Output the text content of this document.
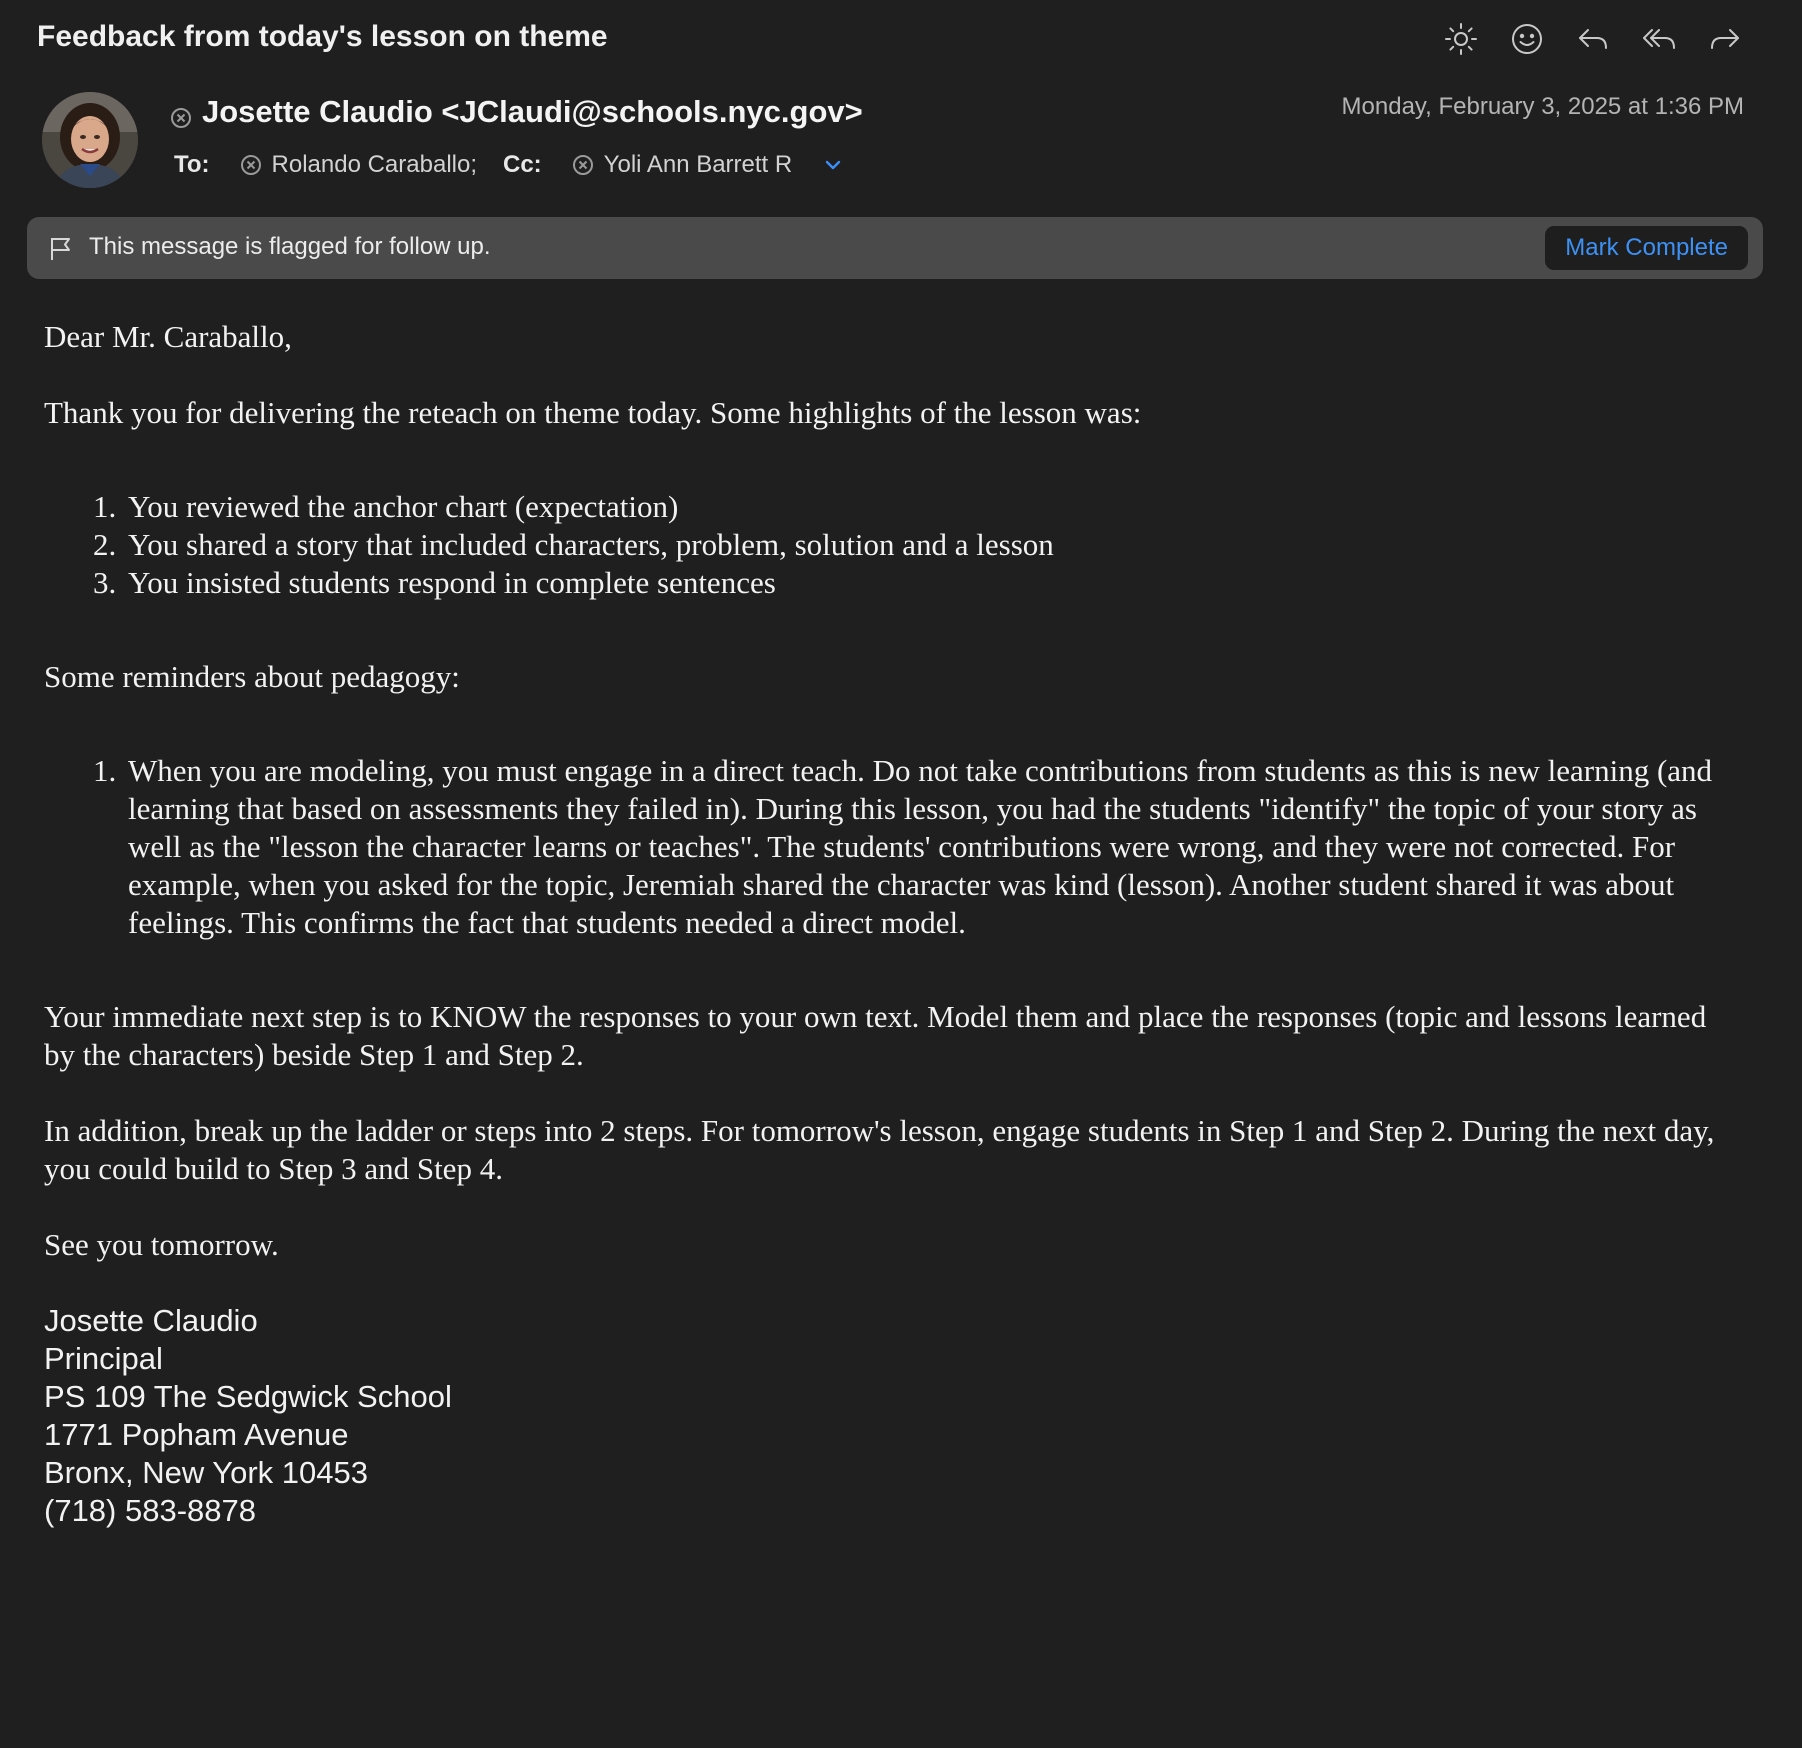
Feedback from today's lesson on theme
Josette Claudio <JClaudi@schools.nyc.gov>	Monday, February 3, 2025 at 1:36 PM
To:	Rolando Caraballo; Cc:	Yoli Ann Barrett R
This message is flagged for follow up.	Mark Complete

Dear Mr. Caraballo,

Thank you for delivering the reteach on theme today. Some highlights of the lesson was:

1. You reviewed the anchor chart (expectation)
2. You shared a story that included characters, problem, solution and a lesson
3. You insisted students respond in complete sentences

Some reminders about pedagogy:

1. When you are modeling, you must engage in a direct teach. Do not take contributions from students as this is new learning (and learning that based on assessments they failed in). During this lesson, you had the students "identify" the topic of your story as well as the "lesson the character learns or teaches". The students' contributions were wrong, and they were not corrected. For example, when you asked for the topic, Jeremiah shared the character was kind (lesson). Another student shared it was about feelings. This confirms the fact that students needed a direct model.

Your immediate next step is to KNOW the responses to your own text. Model them and place the responses (topic and lessons learned by the characters) beside Step 1 and Step 2.

In addition, break up the ladder or steps into 2 steps. For tomorrow's lesson, engage students in Step 1 and Step 2. During the next day, you could build to Step 3 and Step 4.

See you tomorrow.

Josette Claudio
Principal
PS 109 The Sedgwick School
1771 Popham Avenue
Bronx, New York 10453
(718) 583-8878
